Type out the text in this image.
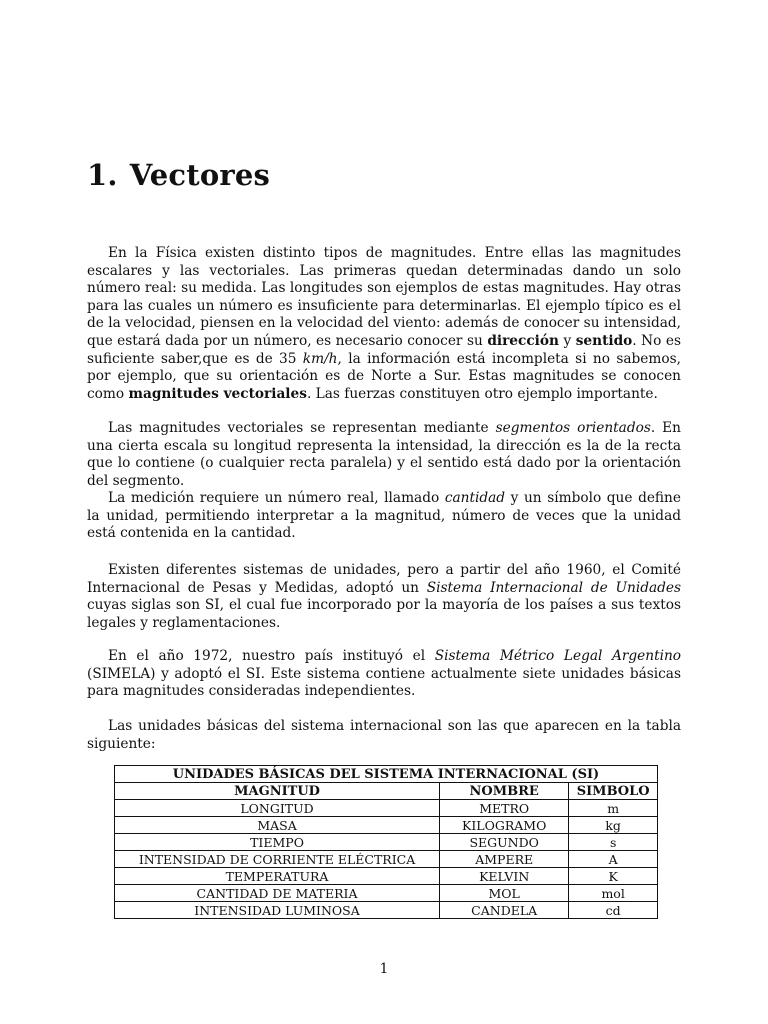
1. Vectores

En la Física existen distinto tipos de magnitudes. Entre ellas las magnitudes escalares y las vectoriales. Las primeras quedan determinadas dando un solo número real: su medida. Las longitudes son ejemplos de estas magnitudes. Hay otras para las cuales un número es insuficiente para determinarlas. El ejemplo típico es el de la velocidad, piensen en la velocidad del viento: además de conocer su intensidad, que estará dada por un número, es necesario conocer su dirección y sentido. No es suficiente saber,que es de 35 km/h, la información está incompleta si no sabemos, por ejemplo, que su orientación es de Norte a Sur. Estas magnitudes se conocen como magnitudes vectoriales. Las fuerzas constituyen otro ejemplo importante.

Las magnitudes vectoriales se representan mediante segmentos orientados. En una cierta escala su longitud representa la intensidad, la dirección es la de la recta que lo contiene (o cualquier recta paralela) y el sentido está dado por la orientación del segmento.

La medición requiere un número real, llamado cantidad y un símbolo que define la unidad, permitiendo interpretar a la magnitud, número de veces que la unidad está contenida en la cantidad.

Existen diferentes sistemas de unidades, pero a partir del año 1960, el Comité Internacional de Pesas y Medidas, adoptó un Sistema Internacional de Unidades cuyas siglas son SI, el cual fue incorporado por la mayoría de los países a sus textos legales y reglamentaciones.

En el año 1972, nuestro país instituyó el Sistema Métrico Legal Argentino (SIMELA) y adoptó el SI. Este sistema contiene actualmente siete unidades básicas para magnitudes consideradas independientes.

Las unidades básicas del sistema internacional son las que aparecen en la tabla siguiente:

UNIDADES BÁSICAS DEL SISTEMA INTERNACIONAL (SI)		
MAGNITUD	NOMBRE	SIMBOLO
LONGITUD	METRO	m
MASA	KILOGRAMO	kg
TIEMPO	SEGUNDO	s
INTENSIDAD DE CORRIENTE ELÉCTRICA	AMPERE	A
TEMPERATURA	KELVIN	K
CANTIDAD DE MATERIA	MOL	mol
INTENSIDAD LUMINOSA	CANDELA	cd
1
